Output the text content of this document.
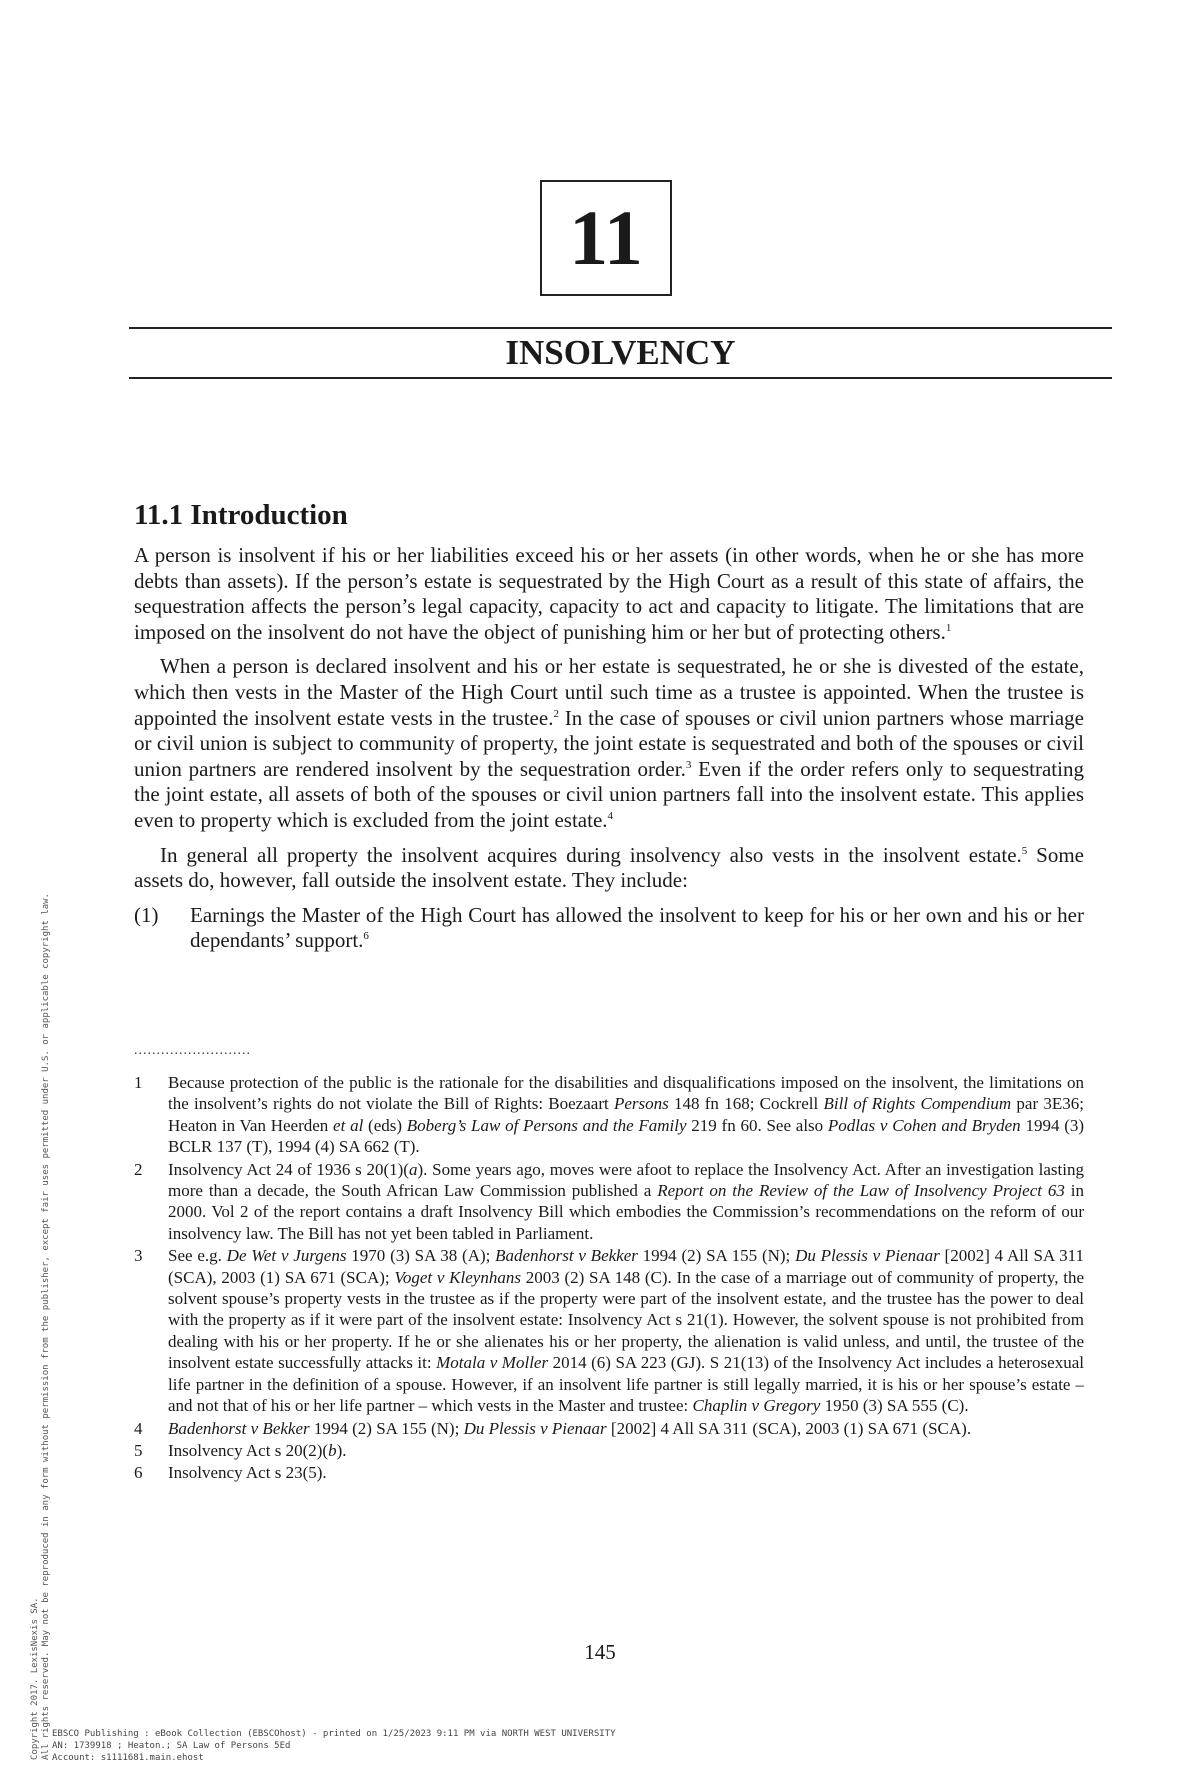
11
INSOLVENCY
11.1 Introduction

A person is insolvent if his or her liabilities exceed his or her assets (in other words, when he or she has more debts than assets). If the person’s estate is sequestrated by the High Court as a result of this state of affairs, the sequestration affects the person’s legal capacity, capacity to act and capacity to litigate. The limitations that are imposed on the insolvent do not have the object of punishing him or her but of protecting others.$^1$

When a person is declared insolvent and his or her estate is sequestrated, he or she is divested of the estate, which then vests in the Master of the High Court until such time as a trustee is appointed. When the trustee is appointed the insolvent estate vests in the trustee.$^2$ In the case of spouses or civil union partners whose marriage or civil union is subject to community of property, the joint estate is sequestrated and both of the spouses or civil union partners are rendered insolvent by the sequestration order.$^3$ Even if the order refers only to sequestrating the joint estate, all assets of both of the spouses or civil union partners fall into the insolvent estate. This applies even to property which is excluded from the joint estate.$^4$

In general all property the insolvent acquires during insolvency also vests in the insolvent estate.$^5$ Some assets do, however, fall outside the insolvent estate. They include:

(1)	Earnings the Master of the High Court has allowed the insolvent to keep for his or her own and his or her dependants’ support.$^6$
..........................
1	Because protection of the public is the rationale for the disabilities and disqualifications imposed on the insolvent, the limitations on the insolvent’s rights do not violate the Bill of Rights: Boezaart Persons 148 fn 168; Cockrell Bill of Rights Compendium par 3E36; Heaton in Van Heerden et al (eds) Boberg’s Law of Persons and the Family 219 fn 60. See also Podlas v Cohen and Bryden 1994 (3) BCLR 137 (T), 1994 (4) SA 662 (T).
2	Insolvency Act 24 of 1936 s 20(1)(a). Some years ago, moves were afoot to replace the Insolvency Act. After an investigation lasting more than a decade, the South African Law Commission published a Report on the Review of the Law of Insolvency Project 63 in 2000. Vol 2 of the report contains a draft Insolvency Bill which embodies the Commission’s recommendations on the reform of our insolvency law. The Bill has not yet been tabled in Parliament.
3	See e.g. De Wet v Jurgens 1970 (3) SA 38 (A); Badenhorst v Bekker 1994 (2) SA 155 (N); Du Plessis v Pienaar [2002] 4 All SA 311 (SCA), 2003 (1) SA 671 (SCA); Voget v Kleynhans 2003 (2) SA 148 (C). In the case of a marriage out of community of property, the solvent spouse’s property vests in the trustee as if the property were part of the insolvent estate, and the trustee has the power to deal with the property as if it were part of the insolvent estate: Insolvency Act s 21(1). However, the solvent spouse is not prohibited from dealing with his or her property. If he or she alienates his or her property, the alienation is valid unless, and until, the trustee of the insolvent estate successfully attacks it: Motala v Moller 2014 (6) SA 223 (GJ). S 21(13) of the Insolvency Act includes a heterosexual life partner in the definition of a spouse. However, if an insolvent life partner is still legally married, it is his or her spouse’s estate – and not that of his or her life partner – which vests in the Master and trustee: Chaplin v Gregory 1950 (3) SA 555 (C).
4	Badenhorst v Bekker 1994 (2) SA 155 (N); Du Plessis v Pienaar [2002] 4 All SA 311 (SCA), 2003 (1) SA 671 (SCA).
5	Insolvency Act s 20(2)(b).
6	Insolvency Act s 23(5).
145
Copyright 2017. LexisNexis SA. All rights reserved. May not be reproduced in any form without permission from the publisher, except fair uses permitted under U.S. or applicable copyright law. EBSCO Publishing : eBook Collection (EBSCOhost) - printed on 1/25/2023 9:11 PM via NORTH WEST UNIVERSITY
AN: 1739918 ; Heaton.; SA Law of Persons 5Ed
Account: s1111681.main.ehost
